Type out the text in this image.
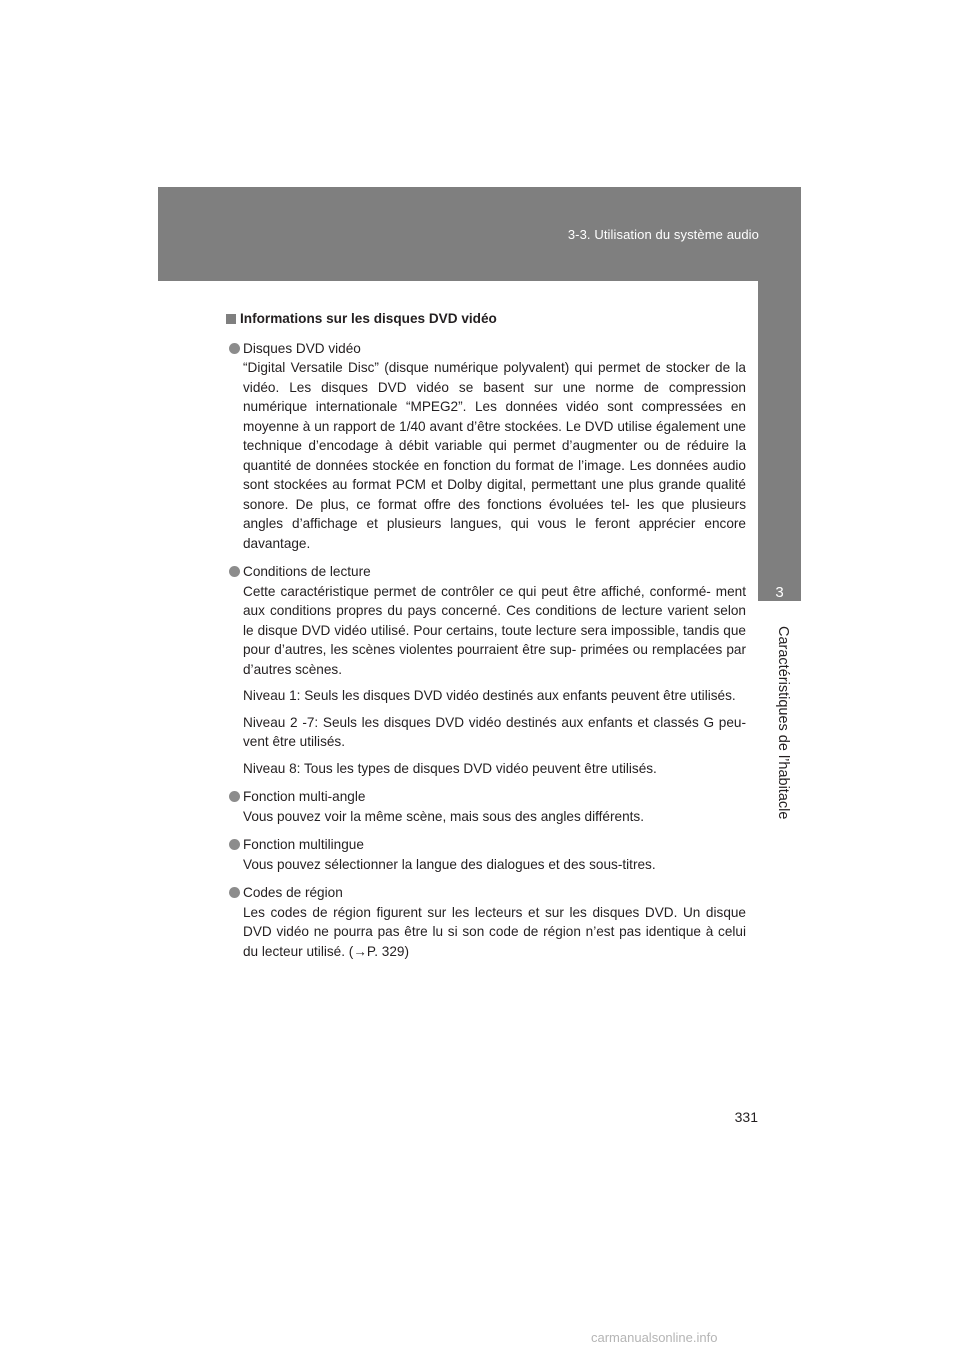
3-3. Utilisation du système audio
3
Caractéristiques de l’habitacle
Informations sur les disques DVD vidéo
Disques DVD vidéo
“Digital Versatile Disc” (disque numérique polyvalent) qui permet de stocker de la vidéo. Les disques DVD vidéo se basent sur une norme de compression numérique internationale “MPEG2”. Les données vidéo sont compressées en moyenne à un rapport de 1/40 avant d’être stockées. Le DVD utilise également une technique d’encodage à débit variable qui permet d’augmenter ou de réduire la quantité de données stockée en fonction du format de l’image. Les données audio sont stockées au format PCM et Dolby digital, permettant une plus grande qualité sonore. De plus, ce format offre des fonctions évoluées tel- les que plusieurs angles d’affichage et plusieurs langues, qui vous le feront apprécier encore davantage.
Conditions de lecture
Cette caractéristique permet de contrôler ce qui peut être affiché, conformé- ment aux conditions propres du pays concerné. Ces conditions de lecture varient selon le disque DVD vidéo utilisé. Pour certains, toute lecture sera impossible, tandis que pour d’autres, les scènes violentes pourraient être sup- primées ou remplacées par d’autres scènes.
Niveau 1: Seuls les disques DVD vidéo destinés aux enfants peuvent être utilisés.
Niveau 2 -7: Seuls les disques DVD vidéo destinés aux enfants et classés G peu- vent être utilisés.
Niveau 8: Tous les types de disques DVD vidéo peuvent être utilisés.
Fonction multi-angle
Vous pouvez voir la même scène, mais sous des angles différents.
Fonction multilingue
Vous pouvez sélectionner la langue des dialogues et des sous-titres.
Codes de région
Les codes de région figurent sur les lecteurs et sur les disques DVD. Un disque DVD vidéo ne pourra pas être lu si son code de région n’est pas identique à celui du lecteur utilisé. (→P. 329)
331
carmanualsonline.info
